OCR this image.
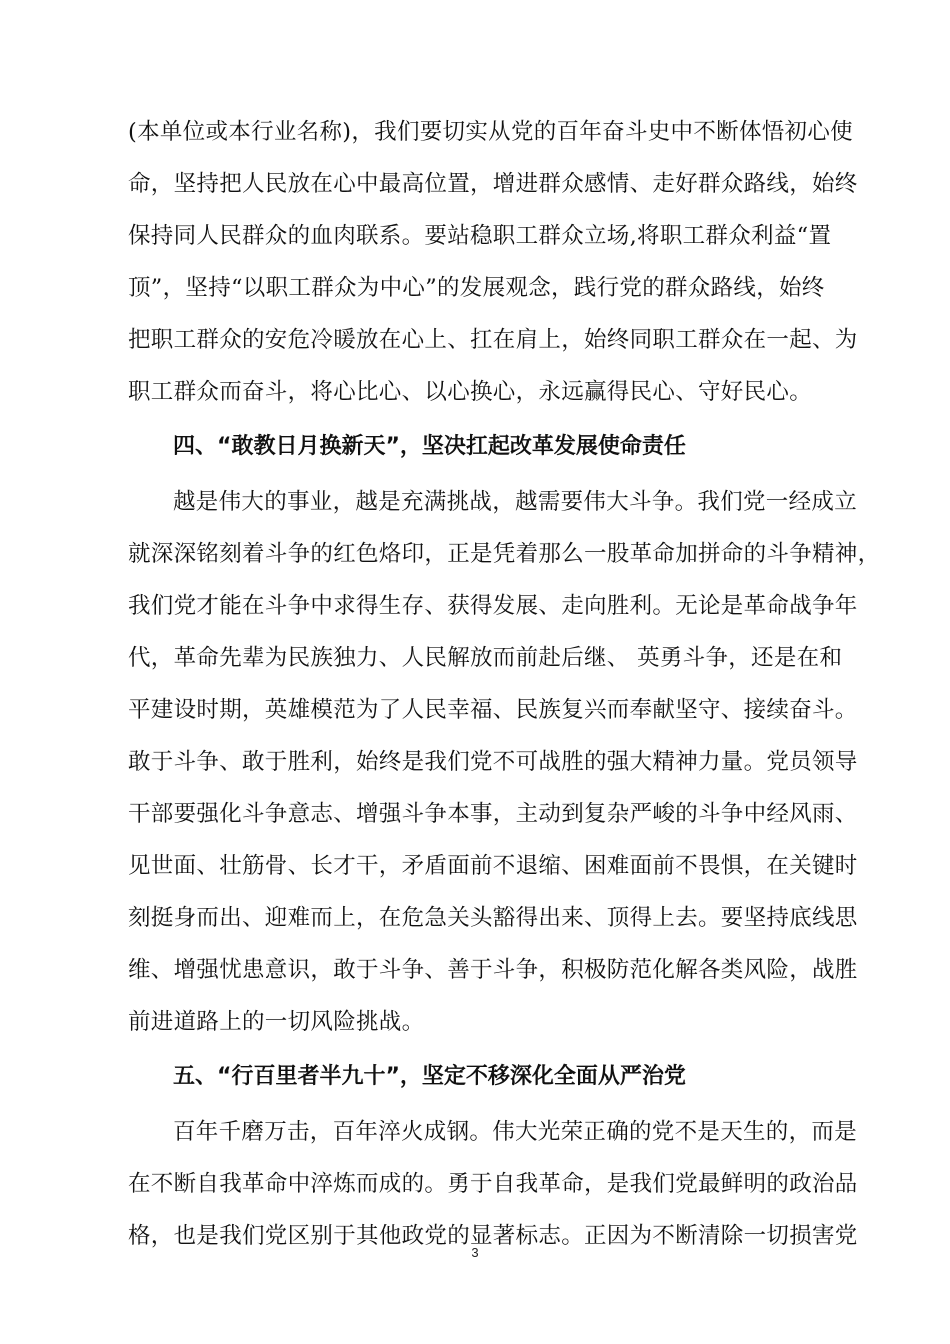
(本单位或本行业名称)，我们要切实从党的百年奋斗史中不断体悟初心使
命，坚持把人民放在心中最高位置，增进群众感情、走好群众路线，始终
保持同人民群众的血肉联系。要站稳职工群众立场,将职工群众利益“置
顶”，坚持“以职工群众为中心”的发展观念，践行党的群众路线，始终
把职工群众的安危冷暖放在心上、扛在肩上，始终同职工群众在一起、为
职工群众而奋斗，将心比心、以心换心，永远赢得民心、守好民心。
四、“敢教日月换新天”，坚决扛起改革发展使命责任
越是伟大的事业，越是充满挑战，越需要伟大斗争。我们党一经成立
就深深铭刻着斗争的红色烙印，正是凭着那么一股革命加拼命的斗争精神，
我们党才能在斗争中求得生存、获得发展、走向胜利。无论是革命战争年
代，革命先辈为民族独力、人民解放而前赴后继、 英勇斗争，还是在和
平建设时期，英雄模范为了人民幸福、民族复兴而奉献坚守、接续奋斗。
敢于斗争、敢于胜利，始终是我们党不可战胜的强大精神力量。党员领导
干部要强化斗争意志、增强斗争本事，主动到复杂严峻的斗争中经风雨、
见世面、壮筋骨、长才干，矛盾面前不退缩、困难面前不畏惧，在关键时
刻挺身而出、迎难而上，在危急关头豁得出来、顶得上去。要坚持底线思
维、增强忧患意识，敢于斗争、善于斗争，积极防范化解各类风险，战胜
前进道路上的一切风险挑战。
五、“行百里者半九十”，坚定不移深化全面从严治党
百年千磨万击，百年淬火成钢。伟大光荣正确的党不是天生的，而是
在不断自我革命中淬炼而成的。勇于自我革命，是我们党最鲜明的政治品
格，也是我们党区别于其他政党的显著标志。正因为不断清除一切损害党
3
